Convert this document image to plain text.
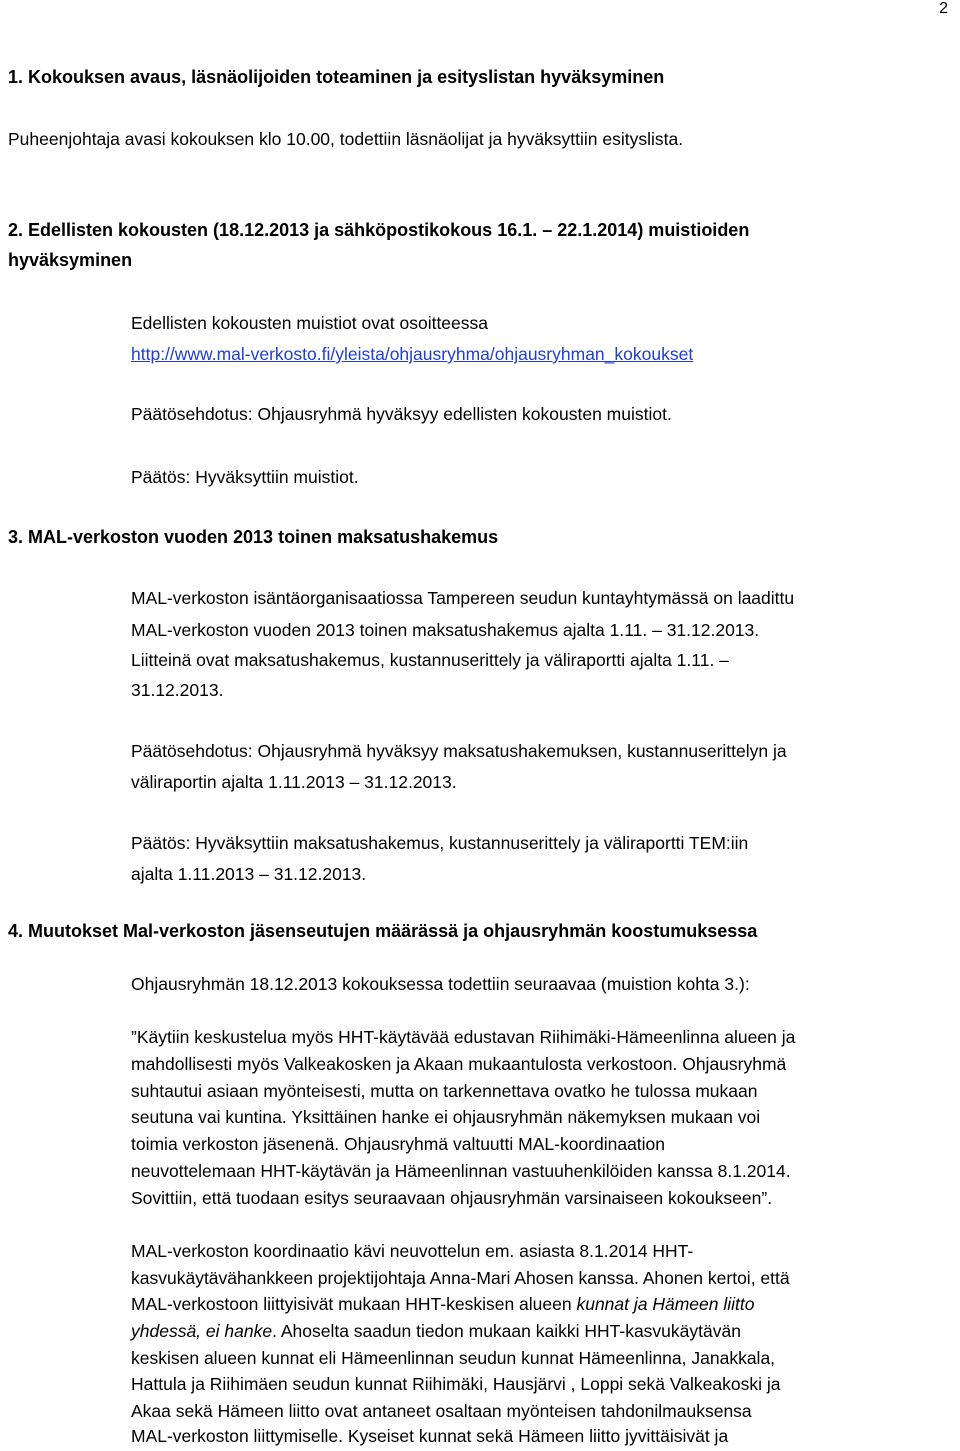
2
1. Kokouksen avaus, läsnäolijoiden toteaminen ja esityslistan hyväksyminen
Puheenjohtaja avasi kokouksen klo 10.00, todettiin läsnäolijat ja hyväksyttiin esityslista.
2. Edellisten kokousten (18.12.2013 ja sähköpostikokous 16.1. – 22.1.2014) muistioiden
hyväksyminen
Edellisten kokousten muistiot ovat osoitteessa
http://www.mal-verkosto.fi/yleista/ohjausryhma/ohjausryhman_kokoukset
Päätösehdotus: Ohjausryhmä hyväksyy edellisten kokousten muistiot.
Päätös: Hyväksyttiin muistiot.
3. MAL-verkoston vuoden 2013 toinen maksatushakemus
MAL-verkoston isäntäorganisaatiossa Tampereen seudun kuntayhtymässä on laadittu
MAL-verkoston vuoden 2013 toinen maksatushakemus ajalta 1.11. – 31.12.2013.
Liitteinä ovat maksatushakemus, kustannuserittely ja väliraportti ajalta 1.11. –
31.12.2013.
Päätösehdotus: Ohjausryhmä hyväksyy maksatushakemuksen, kustannuserittelyn ja
väliraportin ajalta 1.11.2013 – 31.12.2013.
Päätös: Hyväksyttiin maksatushakemus, kustannuserittely ja väliraportti TEM:iin
ajalta 1.11.2013 – 31.12.2013.
4. Muutokset Mal-verkoston jäsenseutujen määrässä ja ohjausryhmän koostumuksessa
Ohjausryhmän 18.12.2013 kokouksessa todettiin seuraavaa (muistion kohta 3.):
”Käytiin keskustelua myös HHT-käytävää edustavan Riihimäki-Hämeenlinna alueen ja
mahdollisesti myös Valkeakosken ja Akaan mukaantulosta verkostoon. Ohjausryhmä
suhtautui asiaan myönteisesti, mutta on tarkennettava ovatko he tulossa mukaan
seutuna vai kuntina. Yksittäinen hanke ei ohjausryhmän näkemyksen mukaan voi
toimia verkoston jäsenenä. Ohjausryhmä valtuutti MAL-koordinaation
neuvottelemaan HHT-käytävän ja Hämeenlinnan vastuuhenkilöiden kanssa 8.1.2014.
Sovittiin, että tuodaan esitys seuraavaan ohjausryhmän varsinaiseen kokoukseen”.
MAL-verkoston koordinaatio kävi neuvottelun em. asiasta 8.1.2014 HHT-
kasvukäytävähankkeen projektijohtaja Anna-Mari Ahosen kanssa. Ahonen kertoi, että
MAL-verkostoon liittyisivät mukaan HHT-keskisen alueen kunnat ja Hämeen liitto
yhdessä, ei hanke. Ahoselta saadun tiedon mukaan kaikki HHT-kasvukäytävän
keskisen alueen kunnat eli Hämeenlinnan seudun kunnat Hämeenlinna, Janakkala,
Hattula ja Riihimäen seudun kunnat Riihimäki, Hausjärvi , Loppi sekä Valkeakoski ja
Akaa sekä Hämeen liitto ovat antaneet osaltaan myönteisen tahdonilmauksensa
MAL-verkoston liittymiselle. Kyseiset kunnat sekä Hämeen liitto jyvittäisivät ja
